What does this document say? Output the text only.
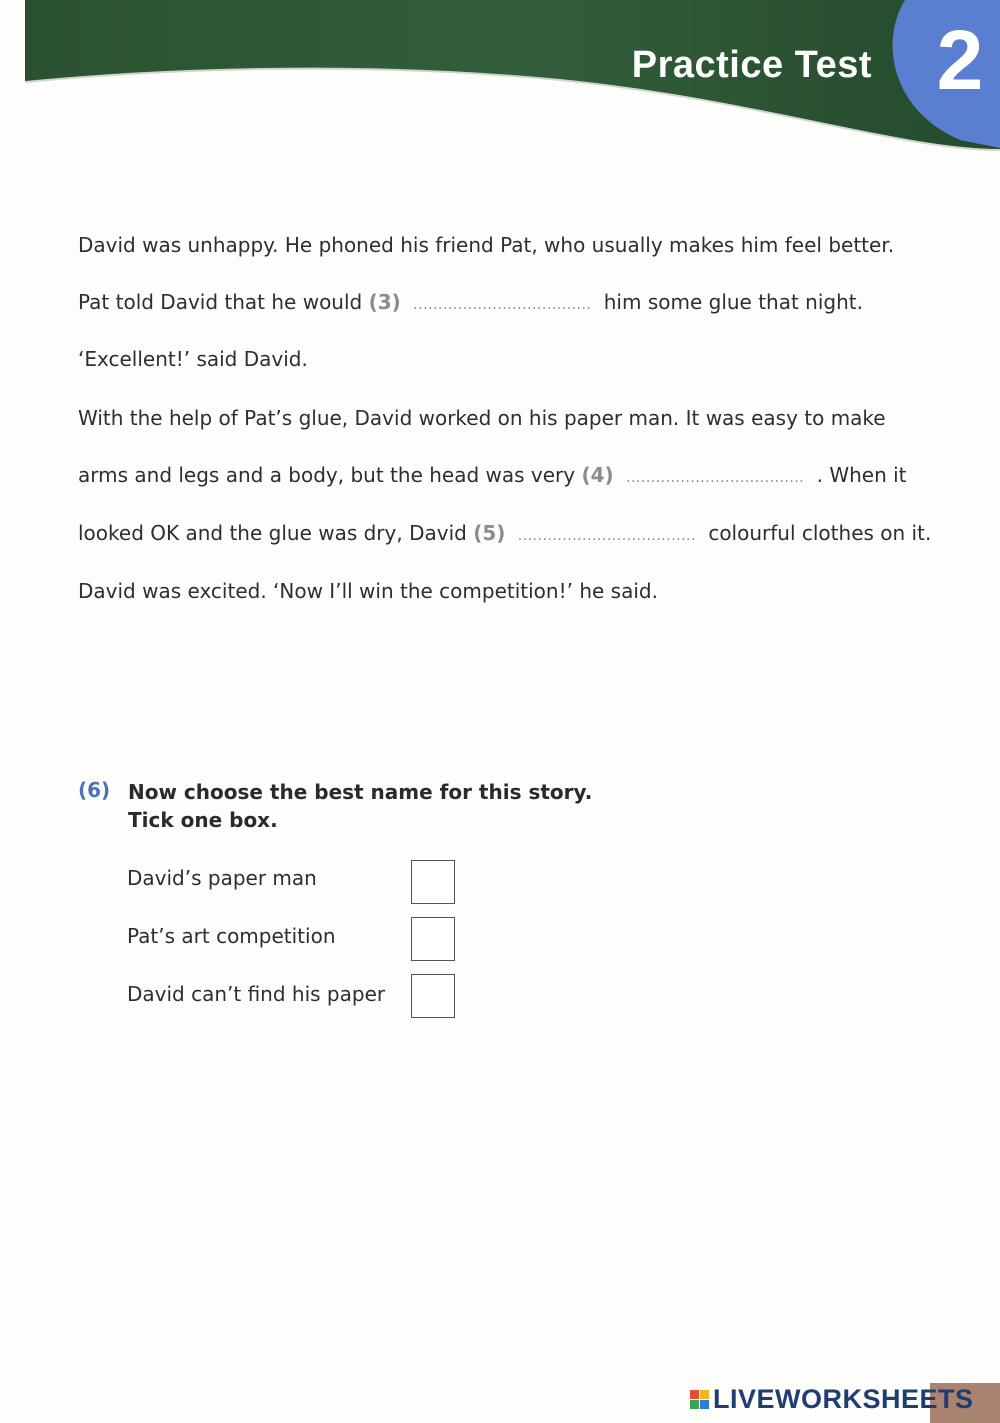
Practice Test 2
David was unhappy. He phoned his friend Pat, who usually makes him feel better.
Pat told David that he would (3) .................................... him some glue that night.
‘Excellent!’ said David.
With the help of Pat’s glue, David worked on his paper man. It was easy to make
arms and legs and a body, but the head was very (4) .................................... . When it
looked OK and the glue was dry, David (5) .................................... colourful clothes on it.
David was excited. ‘Now I’ll win the competition!’ he said.
(6) Now choose the best name for this story.
Tick one box.
David’s paper man
Pat’s art competition
David can’t find his paper
LIVEWORKSHEETS
